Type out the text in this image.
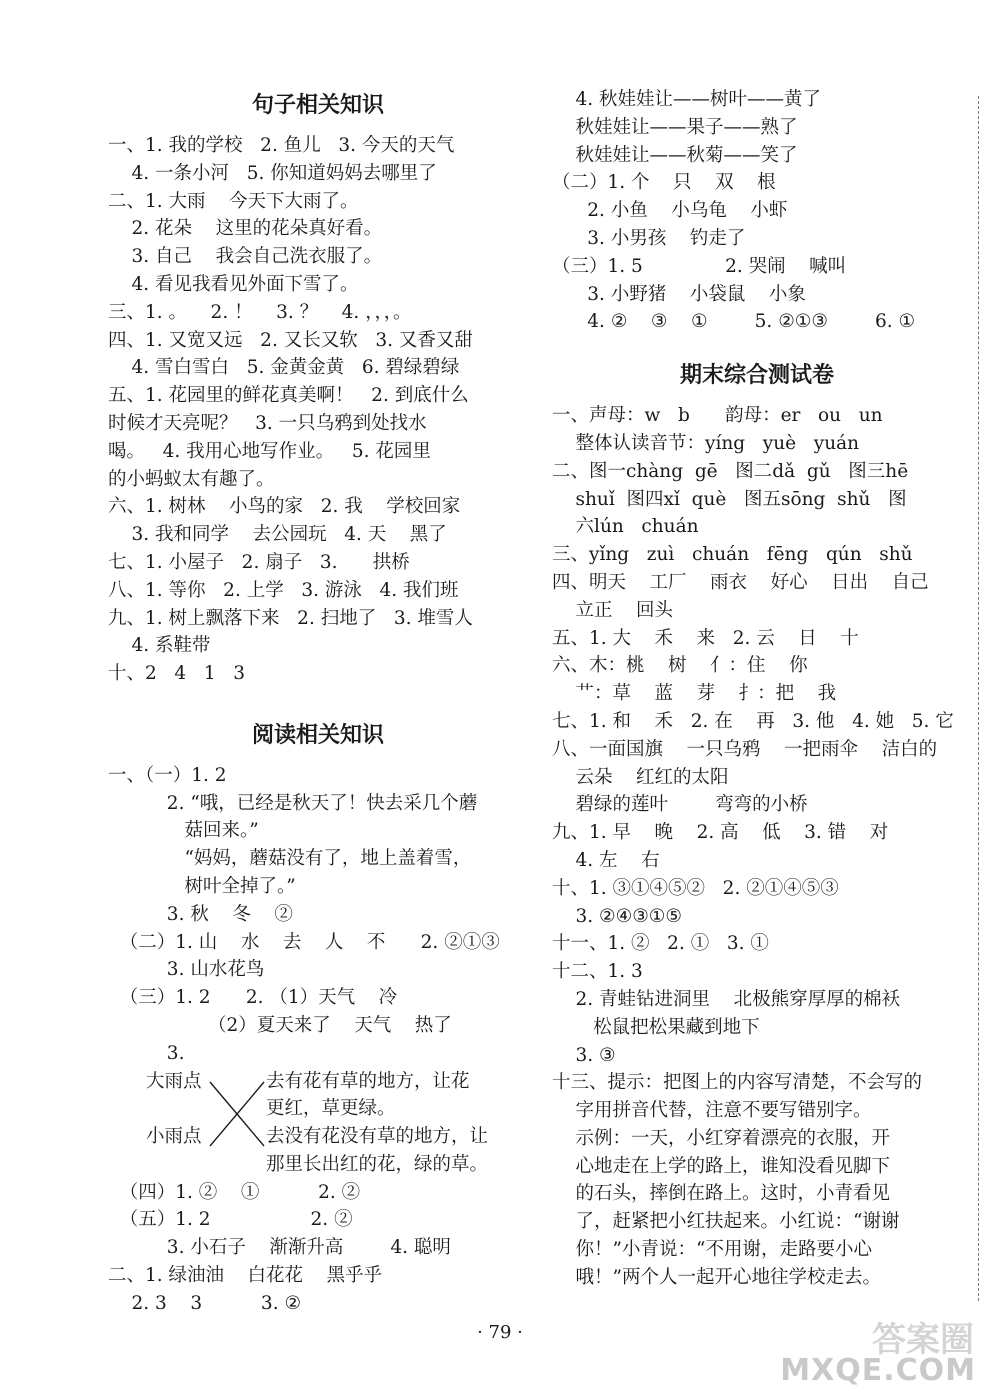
句子相关知识
一、1. 我的学校   2. 鱼儿   3. 今天的天气
4. 一条小河   5. 你知道妈妈去哪里了
二、1. 大雨    今天下大雨了。
2. 花朵    这里的花朵真好看。
3. 自己    我会自己洗衣服了。
4. 看见我看见外面下雪了。
三、1. 。    2. ！    3. ？    4. ，，，。
四、1. 又宽又远   2. 又长又软   3. 又香又甜
4. 雪白雪白   5. 金黄金黄   6. 碧绿碧绿
五、1. 花园里的鲜花真美啊！   2. 到底什么
时候才天亮呢？   3. 一只乌鸦到处找水
喝。   4. 我用心地写作业。   5. 花园里
的小蚂蚁太有趣了。
六、1. 树林    小鸟的家   2. 我    学校回家
3. 我和同学    去公园玩   4. 天    黑了
七、1. 小屋子   2. 扇子   3.      拱桥
八、1. 等你   2. 上学   3. 游泳   4. 我们班
九、1. 树上飘落下来   2. 扫地了   3. 堆雪人
4. 系鞋带
十、2   4   1   3
阅读相关知识
一、（一）1. 2
2. “哦，已经是秋天了！快去采几个蘑
菇回来。”
“妈妈，蘑菇没有了，地上盖着雪，
树叶全掉了。”
3. 秋    冬    ②
（二）1. 山    水    去    人    不      2. ②①③
3. 山水花鸟
（三）1. 2      2. （1）天气    冷
（2）夏天来了    天气    热了
3.
大雨点
小雨点
去有花有草的地方，让花
更红，草更绿。
去没有花没有草的地方，让
那里长出红的花，绿的草。
（四）1. ②    ①          2. ②
（五）1. 2                 2. ②
3. 小石子    渐渐升高        4. 聪明
二、1. 绿油油    白花花    黑乎乎
2. 3    3          3. ②
4. 秋娃娃让——树叶——黄了
秋娃娃让——果子——熟了
秋娃娃让——秋菊——笑了
（二）1. 个    只    双    根
2. 小鱼    小乌龟    小虾
3. 小男孩    钓走了
（三）1. 5              2. 哭闹    喊叫
3. 小野猪    小袋鼠    小象
4. ②    ③    ①        5. ②①③        6. ①
期末综合测试卷
一、声母：w   b      韵母：er   ou   un
整体认读音节：yíng   yuè   yuán
二、图一chàng  gē   图二dǎ  gǔ   图三hē
shuǐ  图四xǐ  què   图五sōng  shǔ   图
六lún   chuán
三、yǐng   zuì   chuán   fēng   qún   shǔ
四、明天    工厂    雨衣    好心    日出    自己
立正    回头
五、1. 大    禾    来   2. 云    日    十
六、木：桃    树    亻：住    你
艹：草    蓝    芽    扌：把    我
七、1. 和    禾   2. 在    再   3. 他   4. 她   5. 它
八、一面国旗    一只乌鸦    一把雨伞    洁白的
云朵    红红的太阳
碧绿的莲叶        弯弯的小桥
九、1. 早    晚    2. 高    低    3. 错    对
4. 左    右
十、1. ③①④⑤②   2. ②①④⑤③
3. ②④③①⑤
十一、1. ②   2. ①   3. ①
十二、1. 3
2. 青蛙钻进洞里    北极熊穿厚厚的棉袄
松鼠把松果藏到地下
3. ③
十三、提示：把图上的内容写清楚，不会写的
字用拼音代替，注意不要写错别字。
示例：一天，小红穿着漂亮的衣服，开
心地走在上学的路上，谁知没看见脚下
的石头，摔倒在路上。这时，小青看见
了，赶紧把小红扶起来。小红说：“谢谢
你！”小青说：“不用谢，走路要小心
哦！”两个人一起开心地往学校走去。
· 79 ·	答案圈
MXQE.COM
